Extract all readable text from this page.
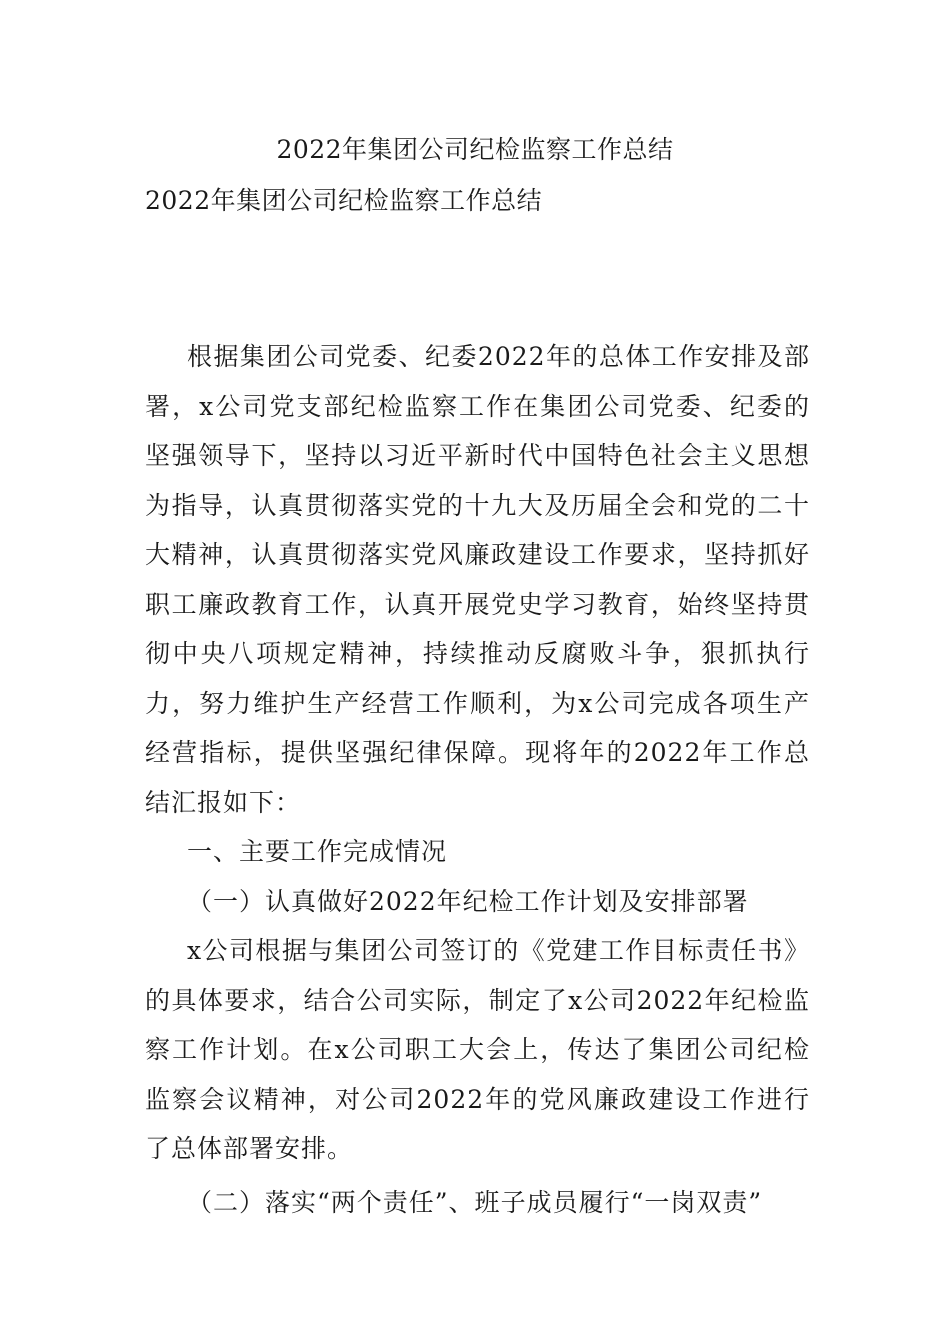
2022年集团公司纪检监察工作总结
2022年集团公司纪检监察工作总结

根据集团公司党委、纪委2022年的总体工作安排及部署，x公司党支部纪检监察工作在集团公司党委、纪委的坚强领导下，坚持以习近平新时代中国特色社会主义思想为指导，认真贯彻落实党的十九大及历届全会和党的二十大精神，认真贯彻落实党风廉政建设工作要求，坚持抓好职工廉政教育工作，认真开展党史学习教育，始终坚持贯彻中央八项规定精神，持续推动反腐败斗争，狠抓执行力，努力维护生产经营工作顺利，为x公司完成各项生产经营指标，提供坚强纪律保障。现将年的2022年工作总结汇报如下：

一、主要工作完成情况

（一）认真做好2022年纪检工作计划及安排部署

x公司根据与集团公司签订的《党建工作目标责任书》的具体要求，结合公司实际，制定了x公司2022年纪检监察工作计划。在x公司职工大会上，传达了集团公司纪检监察会议精神，对公司2022年的党风廉政建设工作进行了总体部署安排。

（二）落实“两个责任”、班子成员履行“一岗双责”
